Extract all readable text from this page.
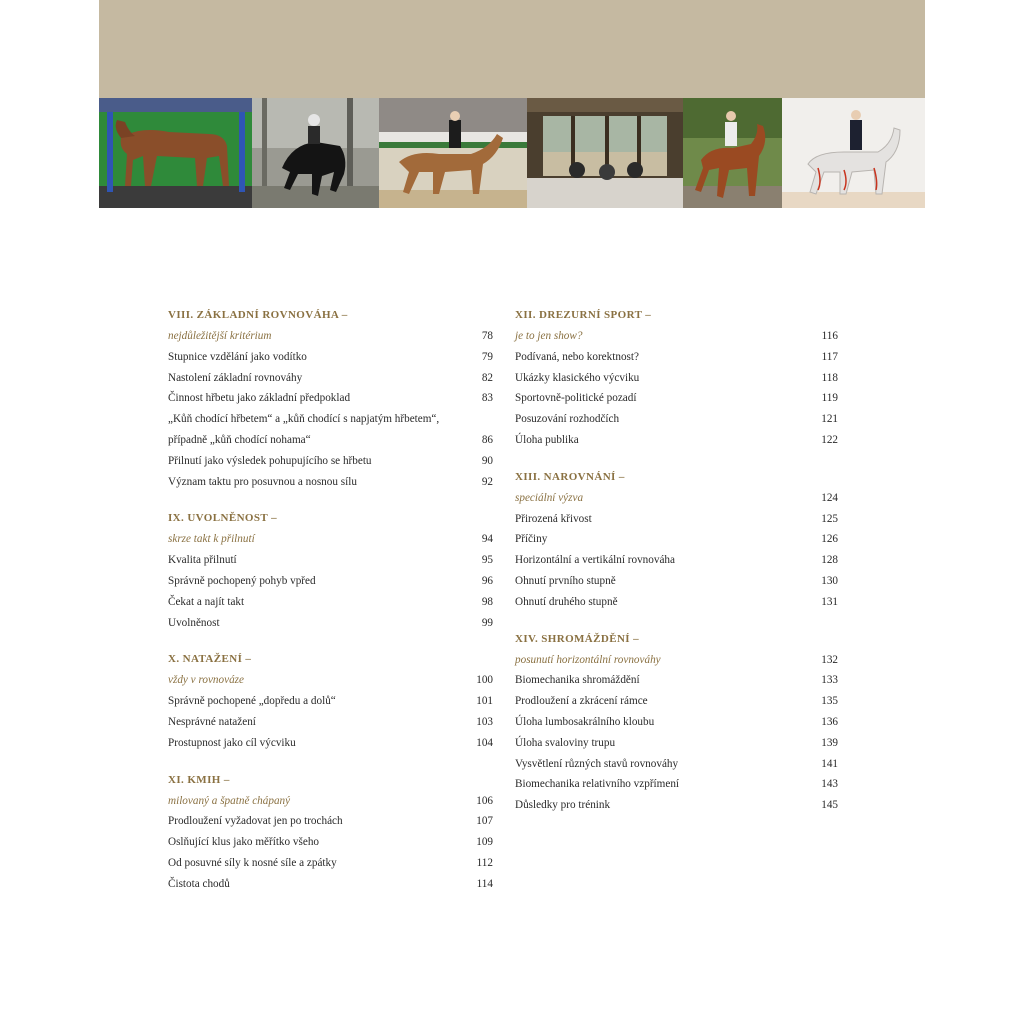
VIII. ZÁKLADNÍ ROVNOVÁHA –
nejdůležitější kritérium	78
Stupnice vzdělání jako vodítko	79
Nastolení základní rovnováhy	82
Činnost hřbetu jako základní předpoklad	83
„Kůň chodící hřbetem“ a „kůň chodící s napjatým hřbetem“,
případně „kůň chodící nohama“	86
Přilnutí jako výsledek pohupujícího se hřbetu	90
Význam taktu pro posuvnou a nosnou sílu	92
IX. UVOLNĚNOST –
skrze takt k přilnutí	94
Kvalita přilnutí	95
Správně pochopený pohyb vpřed	96
Čekat a najít takt	98
Uvolněnost	99
X. NATAŽENÍ –
vždy v rovnováze	100
Správně pochopené „dopředu a dolů“	101
Nesprávné natažení	103
Prostupnost jako cíl výcviku	104
XI. KMIH –
milovaný a špatně chápaný	106
Prodloužení vyžadovat jen po trochách	107
Oslňující klus jako měřítko všeho	109
Od posuvné síly k nosné síle a zpátky	112
Čistota chodů	114
XII. DREZURNÍ SPORT –
je to jen show?	116
Podívaná, nebo korektnost?	117
Ukázky klasického výcviku	118
Sportovně-politické pozadí	119
Posuzování rozhodčích	121
Úloha publika	122
XIII. NAROVNÁNÍ –
speciální výzva	124
Přirozená křivost	125
Příčiny	126
Horizontální a vertikální rovnováha	128
Ohnutí prvního stupně	130
Ohnutí druhého stupně	131
XIV. SHROMÁŽDĚNÍ –
posunutí horizontální rovnováhy	132
Biomechanika shromáždění	133
Prodloužení a zkrácení rámce	135
Úloha lumbosakrálního kloubu	136
Úloha svaloviny trupu	139
Vysvětlení různých stavů rovnováhy	141
Biomechanika relativního vzpřímení	143
Důsledky pro trénink	145
